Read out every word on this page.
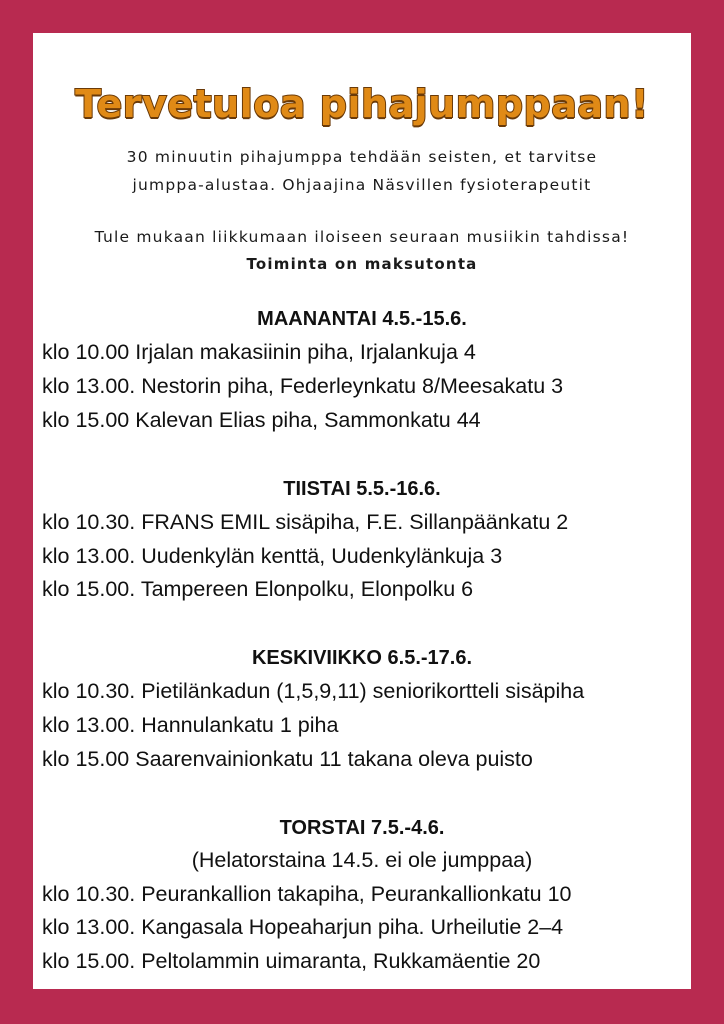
Tervetuloa pihajumppaan!
30 minuutin pihajumppa tehdään seisten, et tarvitse
jumppa-alustaa. Ohjaajina Näsvillen fysioterapeutit
Tule mukaan liikkumaan iloiseen seuraan musiikin tahdissa!
Toiminta on maksutonta
MAANANTAI 4.5.-15.6.
klo 10.00 Irjalan makasiinin piha, Irjalankuja 4
klo 13.00. Nestorin piha, Federleynkatu 8/Meesakatu 3
klo 15.00 Kalevan Elias piha, Sammonkatu 44
TIISTAI 5.5.-16.6.
klo 10.30. FRANS EMIL sisäpiha, F.E. Sillanpäänkatu 2
klo 13.00. Uudenkylän kenttä, Uudenkylänkuja 3
klo 15.00. Tampereen Elonpolku, Elonpolku 6
KESKIVIIKKO 6.5.-17.6.
klo 10.30. Pietilänkadun (1,5,9,11) seniorikortteli sisäpiha
klo 13.00. Hannulankatu 1 piha
klo 15.00 Saarenvainionkatu 11 takana oleva puisto
TORSTAI 7.5.-4.6.
(Helatorstaina 14.5. ei ole jumppaa)
klo 10.30. Peurankallion takapiha, Peurankallionkatu 10
klo 13.00. Kangasala Hopeaharjun piha. Urheilutie 2–4
klo 15.00. Peltolammin uimaranta, Rukkamäentie 20
